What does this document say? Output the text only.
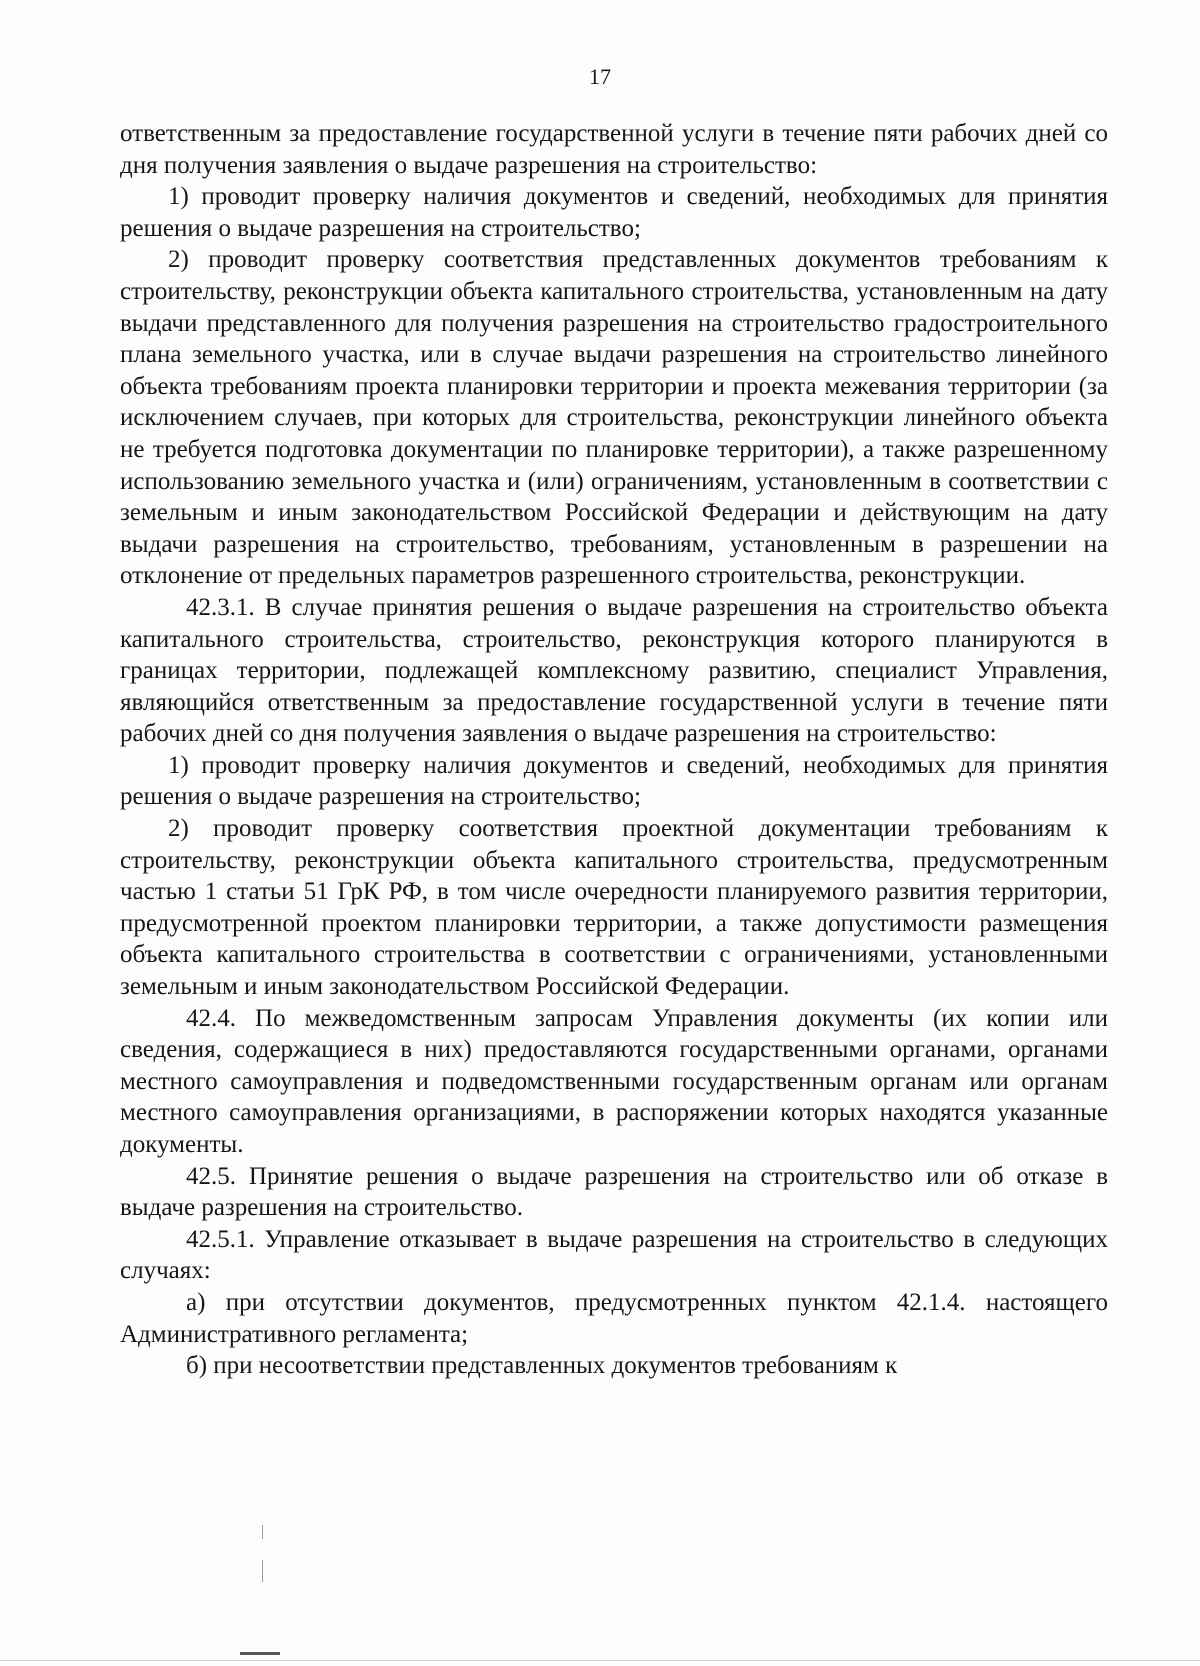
17

ответственным за предоставление государственной услуги в течение пяти рабочих дней со дня получения заявления о выдаче разрешения на строительство:

1) проводит проверку наличия документов и сведений, необходимых для принятия решения о выдаче разрешения на строительство;

2) проводит проверку соответствия представленных документов требованиям к строительству, реконструкции объекта капитального строительства, установленным на дату выдачи представленного для получения разрешения на строительство градостроительного плана земельного участка, или в случае выдачи разрешения на строительство линейного объекта требованиям проекта планировки территории и проекта межевания территории (за исключением случаев, при которых для строительства, реконструкции линейного объекта не требуется подготовка документации по планировке территории), а также разрешенному использованию земельного участка и (или) ограничениям, установленным в соответствии с земельным и иным законодательством Российской Федерации и действующим на дату выдачи разрешения на строительство, требованиям, установленным в разрешении на отклонение от предельных параметров разрешенного строительства, реконструкции.

42.3.1. В случае принятия решения о выдаче разрешения на строительство объекта капитального строительства, строительство, реконструкция которого планируются в границах территории, подлежащей комплексному развитию, специалист Управления, являющийся ответственным за предоставление государственной услуги в течение пяти рабочих дней со дня получения заявления о выдаче разрешения на строительство:

1) проводит проверку наличия документов и сведений, необходимых для принятия решения о выдаче разрешения на строительство;

2) проводит проверку соответствия проектной документации требованиям к строительству, реконструкции объекта капитального строительства, предусмотренным частью 1 статьи 51 ГрК РФ, в том числе очередности планируемого развития территории, предусмотренной проектом планировки территории, а также допустимости размещения объекта капитального строительства в соответствии с ограничениями, установленными земельным и иным законодательством Российской Федерации.

42.4. По межведомственным запросам Управления документы (их копии или сведения, содержащиеся в них) предоставляются государственными органами, органами местного самоуправления и подведомственными государственным органам или органам местного самоуправления организациями, в распоряжении которых находятся указанные документы.

42.5. Принятие решения о выдаче разрешения на строительство или об отказе в выдаче разрешения на строительство.

42.5.1. Управление отказывает в выдаче разрешения на строительство в следующих случаях:

а) при отсутствии документов, предусмотренных пунктом 42.1.4. настоящего Административного регламента;

б) при несоответствии представленных документов требованиям к
